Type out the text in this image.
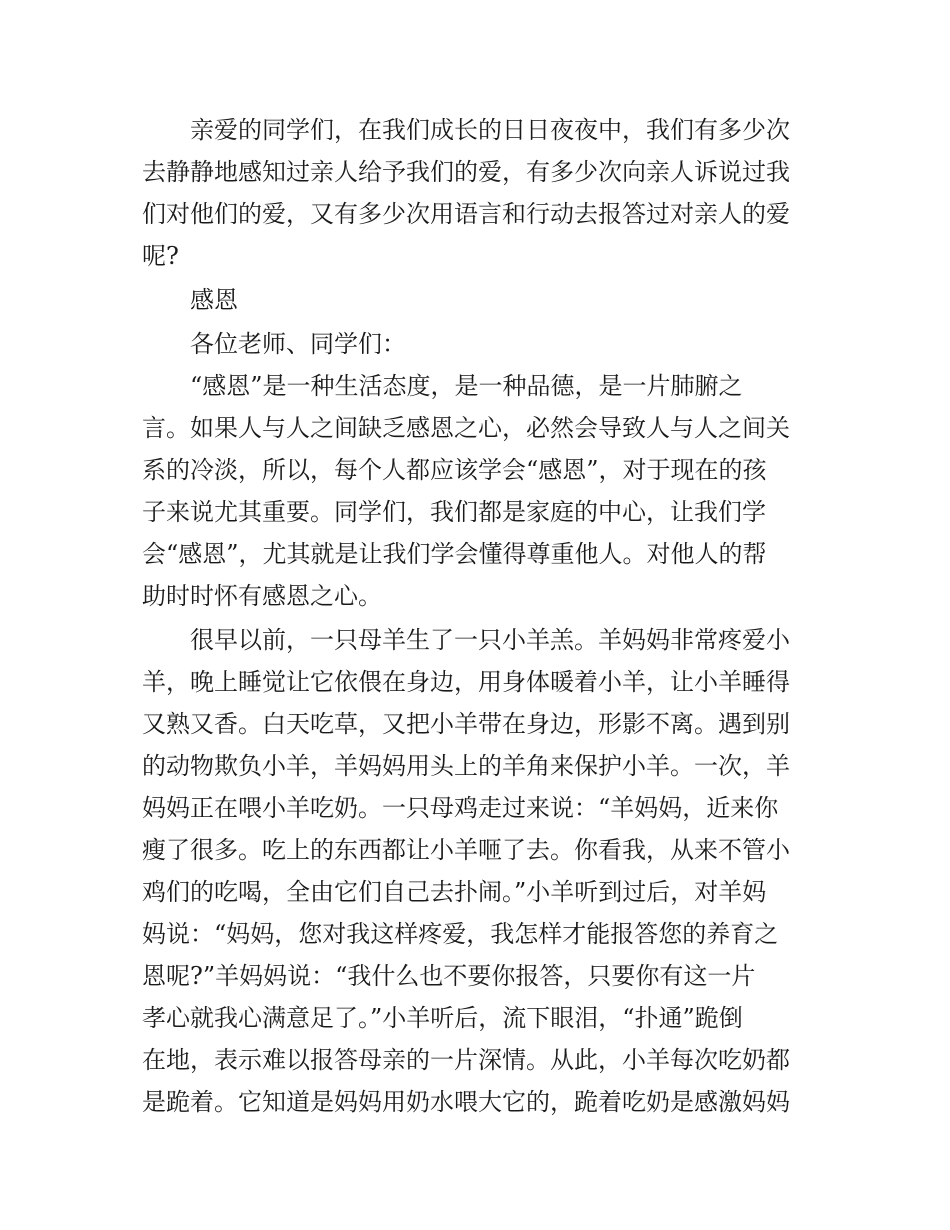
亲爱的同学们，在我们成长的日日夜夜中，我们有多少次

去静静地感知过亲人给予我们的爱，有多少次向亲人诉说过我

们对他们的爱，又有多少次用语言和行动去报答过对亲人的爱

呢?

感恩

各位老师、同学们：

“感恩”是一种生活态度，是一种品德，是一片肺腑之

言。如果人与人之间缺乏感恩之心，必然会导致人与人之间关

系的冷淡，所以，每个人都应该学会“感恩”，对于现在的孩

子来说尤其重要。同学们，我们都是家庭的中心，让我们学

会“感恩”，尤其就是让我们学会懂得尊重他人。对他人的帮

助时时怀有感恩之心。

很早以前，一只母羊生了一只小羊羔。羊妈妈非常疼爱小

羊，晚上睡觉让它依偎在身边，用身体暖着小羊，让小羊睡得

又熟又香。白天吃草，又把小羊带在身边，形影不离。遇到别

的动物欺负小羊，羊妈妈用头上的羊角来保护小羊。一次，羊

妈妈正在喂小羊吃奶。一只母鸡走过来说：“羊妈妈，近来你

瘦了很多。吃上的东西都让小羊咂了去。你看我，从来不管小

鸡们的吃喝，全由它们自己去扑闹。”小羊听到过后，对羊妈

妈说：“妈妈，您对我这样疼爱，我怎样才能报答您的养育之

恩呢?”羊妈妈说：“我什么也不要你报答，只要你有这一片

孝心就我心满意足了。”小羊听后，流下眼泪，“扑通”跪倒

在地，表示难以报答母亲的一片深情。从此，小羊每次吃奶都

是跪着。它知道是妈妈用奶水喂大它的，跪着吃奶是感激妈妈
